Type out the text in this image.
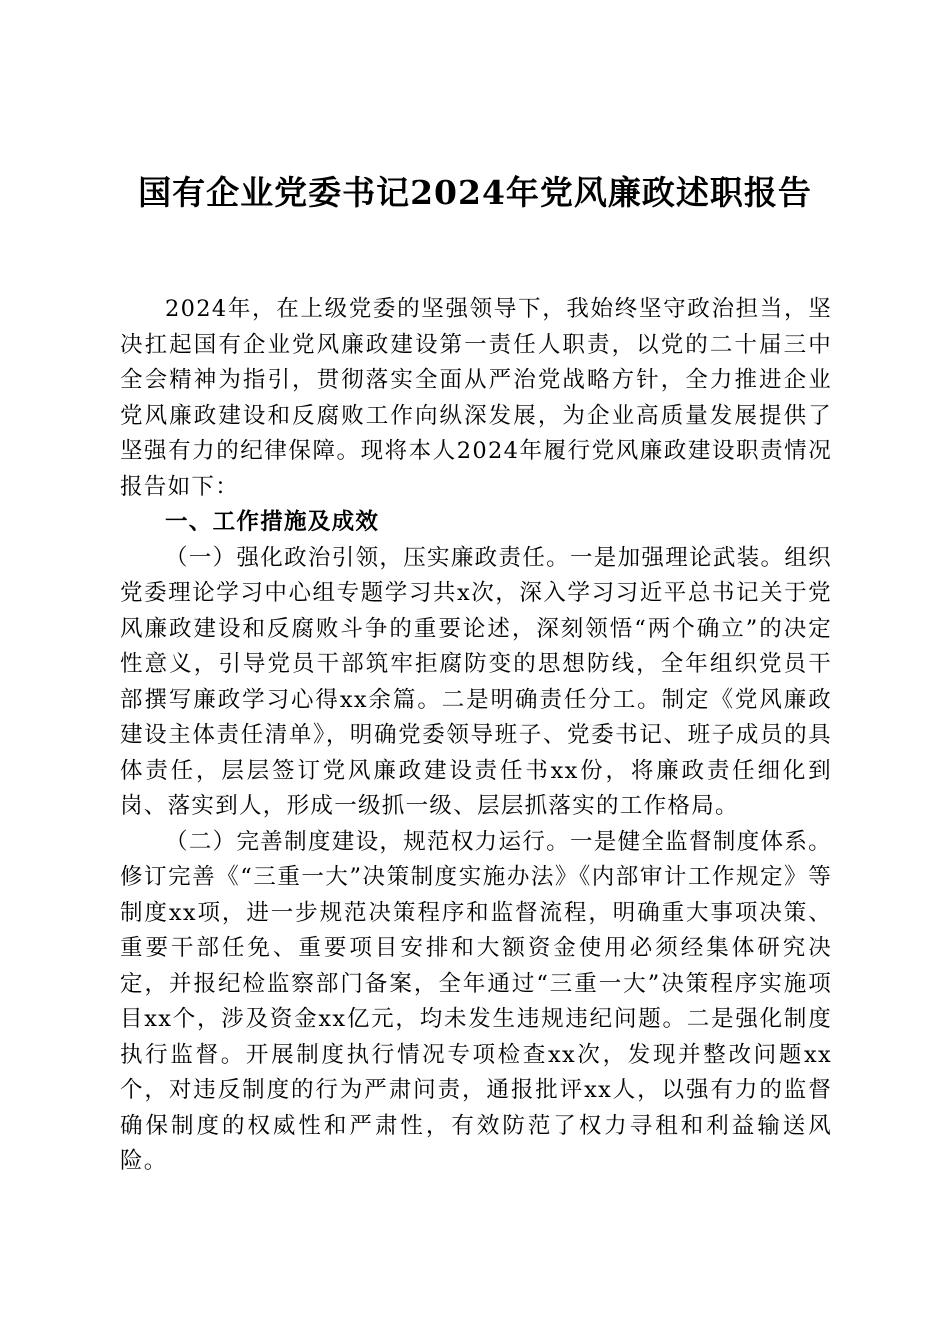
国有企业党委书记2024年党风廉政述职报告

2024年，在上级党委的坚强领导下，我始终坚守政治担当，坚决扛起国有企业党风廉政建设第一责任人职责，以党的二十届三中全会精神为指引，贯彻落实全面从严治党战略方针，全力推进企业党风廉政建设和反腐败工作向纵深发展，为企业高质量发展提供了坚强有力的纪律保障。现将本人2024年履行党风廉政建设职责情况报告如下：

一、工作措施及成效

（一）强化政治引领，压实廉政责任。一是加强理论武装。组织党委理论学习中心组专题学习共x次，深入学习习近平总书记关于党风廉政建设和反腐败斗争的重要论述，深刻领悟“两个确立”的决定性意义，引导党员干部筑牢拒腐防变的思想防线，全年组织党员干部撰写廉政学习心得xx余篇。二是明确责任分工。制定《党风廉政建设主体责任清单》，明确党委领导班子、党委书记、班子成员的具体责任，层层签订党风廉政建设责任书xx份，将廉政责任细化到岗、落实到人，形成一级抓一级、层层抓落实的工作格局。

（二）完善制度建设，规范权力运行。一是健全监督制度体系。修订完善《“三重一大”决策制度实施办法》《内部审计工作规定》等制度xx项，进一步规范决策程序和监督流程，明确重大事项决策、重要干部任免、重要项目安排和大额资金使用必须经集体研究决定，并报纪检监察部门备案，全年通过“三重一大”决策程序实施项目xx个，涉及资金xx亿元，均未发生违规违纪问题。二是强化制度执行监督。开展制度执行情况专项检查xx次，发现并整改问题xx个，对违反制度的行为严肃问责，通报批评xx人，以强有力的监督确保制度的权威性和严肃性，有效防范了权力寻租和利益输送风险。
